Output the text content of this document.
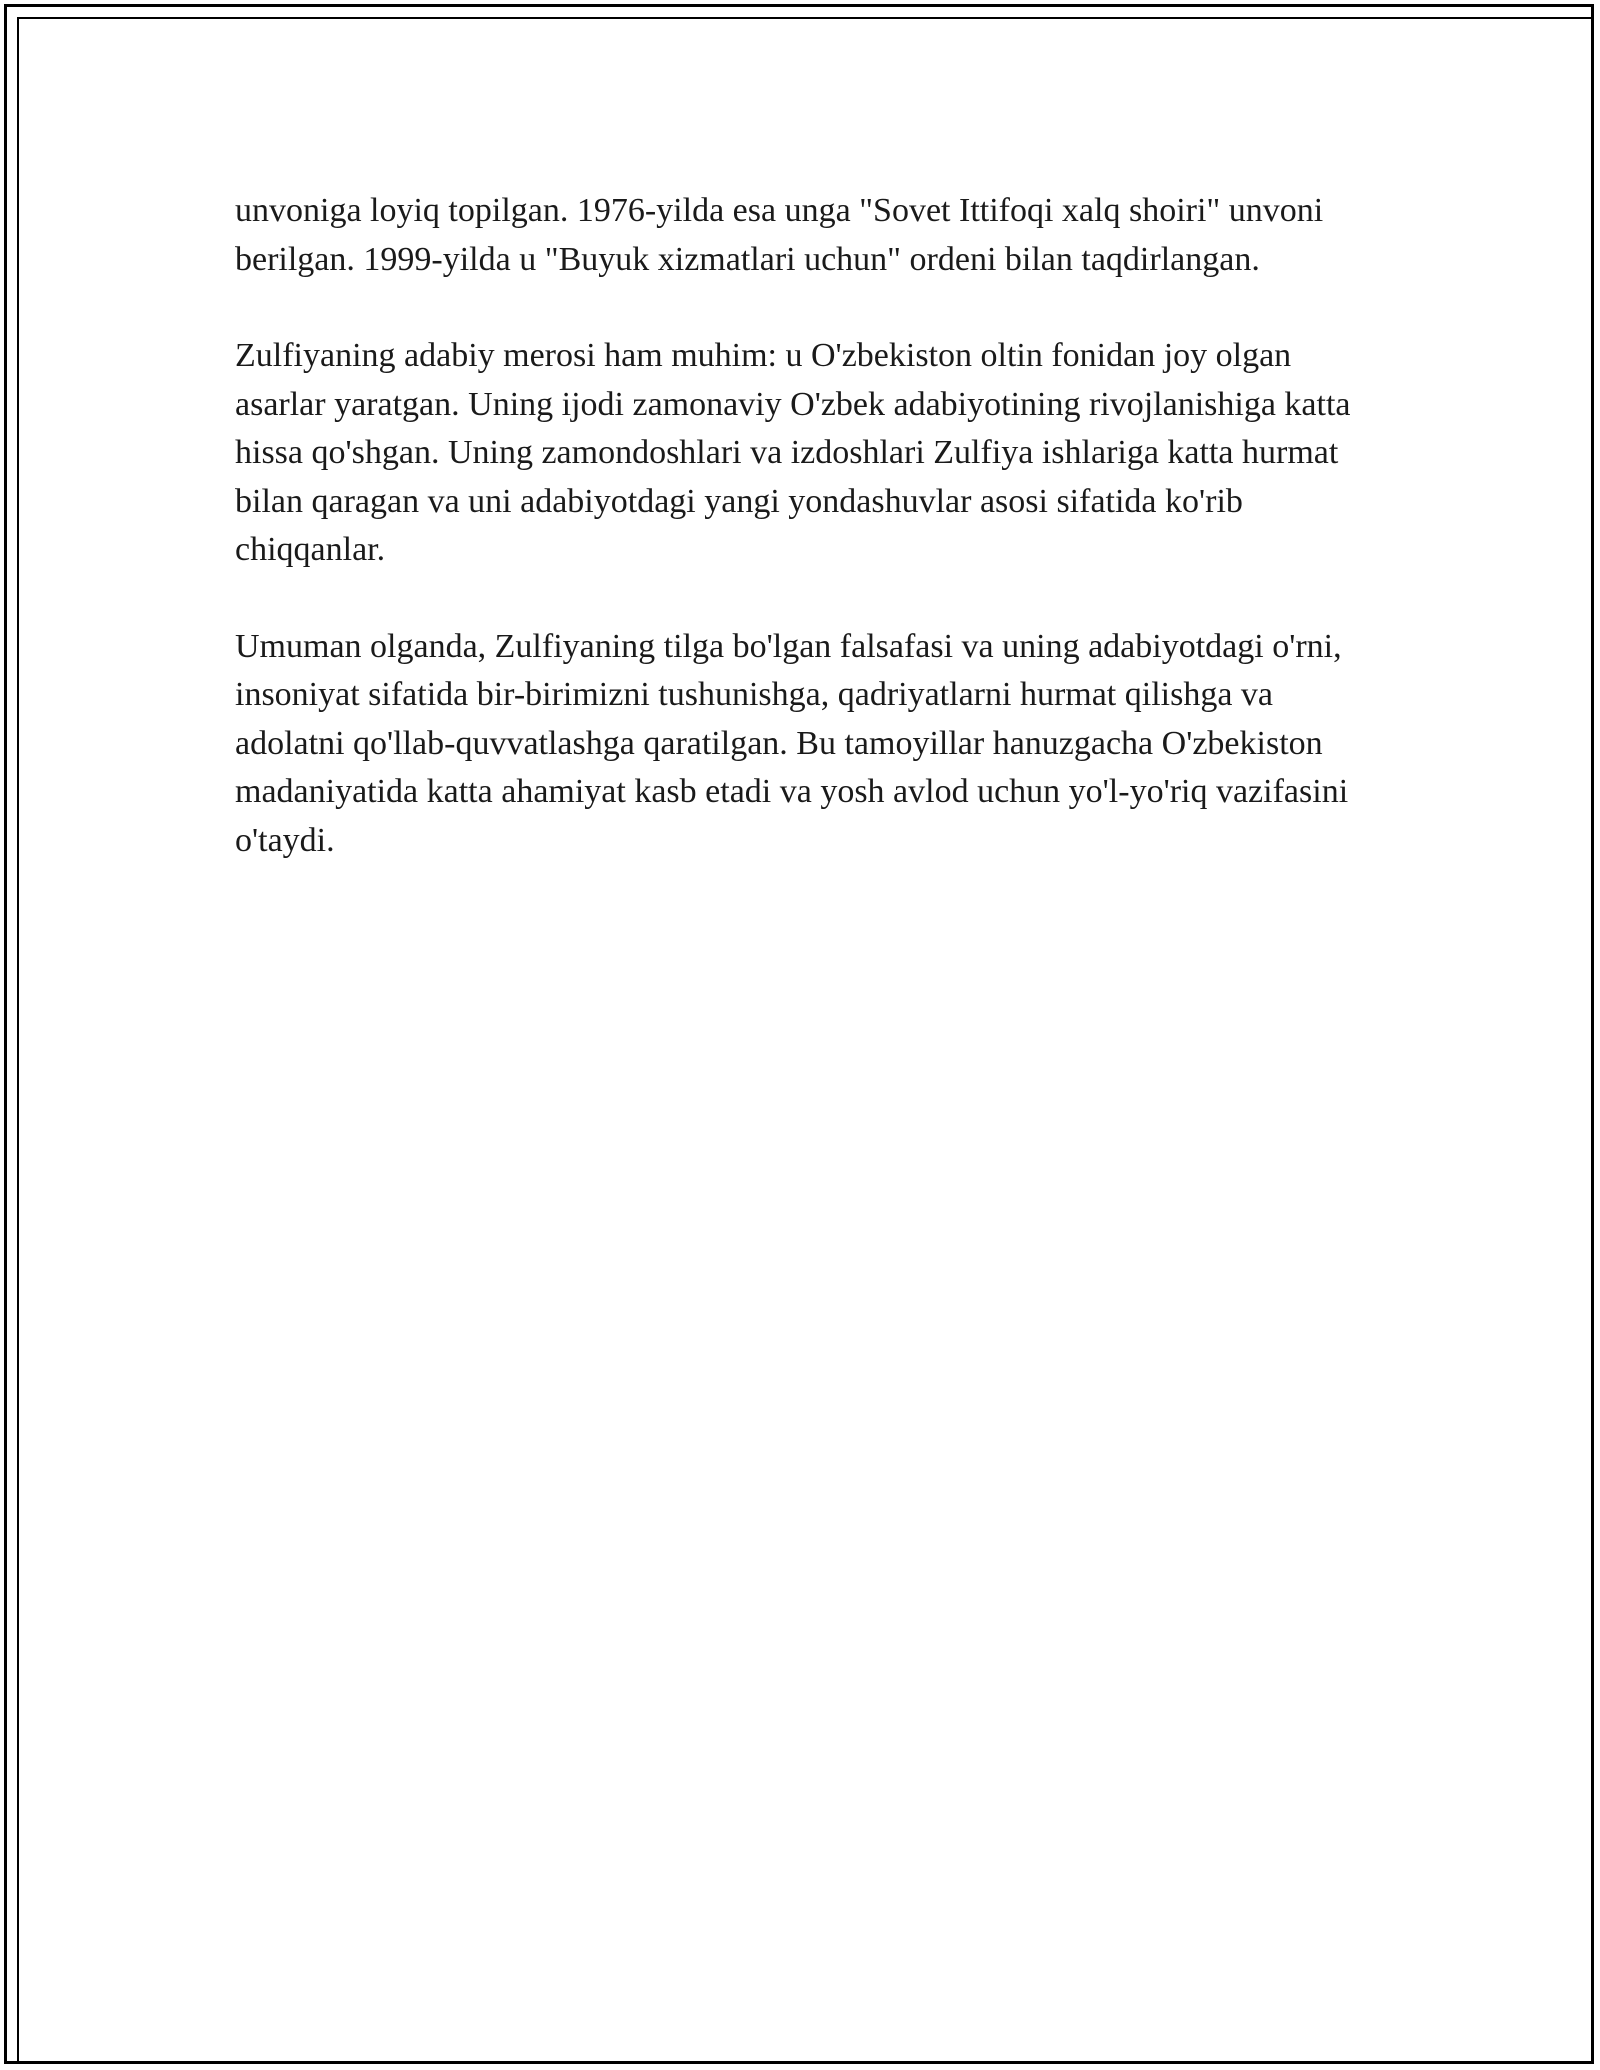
unvoniga loyiq topilgan. 1976-yilda esa unga "Sovet Ittifoqi xalq shoiri" unvoni berilgan. 1999-yilda u "Buyuk xizmatlari uchun" ordeni bilan taqdirlangan.

Zulfiyaning adabiy merosi ham muhim: u O'zbekiston oltin fonidan joy olgan asarlar yaratgan. Uning ijodi zamonaviy O'zbek adabiyotining rivojlanishiga katta hissa qo'shgan. Uning zamondoshlari va izdoshlari Zulfiya ishlariga katta hurmat bilan qaragan va uni adabiyotdagi yangi yondashuvlar asosi sifatida ko'rib chiqqanlar.

Umuman olganda, Zulfiyaning tilga bo'lgan falsafasi va uning adabiyotdagi o'rni, insoniyat sifatida bir-birimizni tushunishga, qadriyatlarni hurmat qilishga va adolatni qo'llab-quvvatlashga qaratilgan. Bu tamoyillar hanuzgacha O'zbekiston madaniyatida katta ahamiyat kasb etadi va yosh avlod uchun yo'l-yo'riq vazifasini o'taydi.
